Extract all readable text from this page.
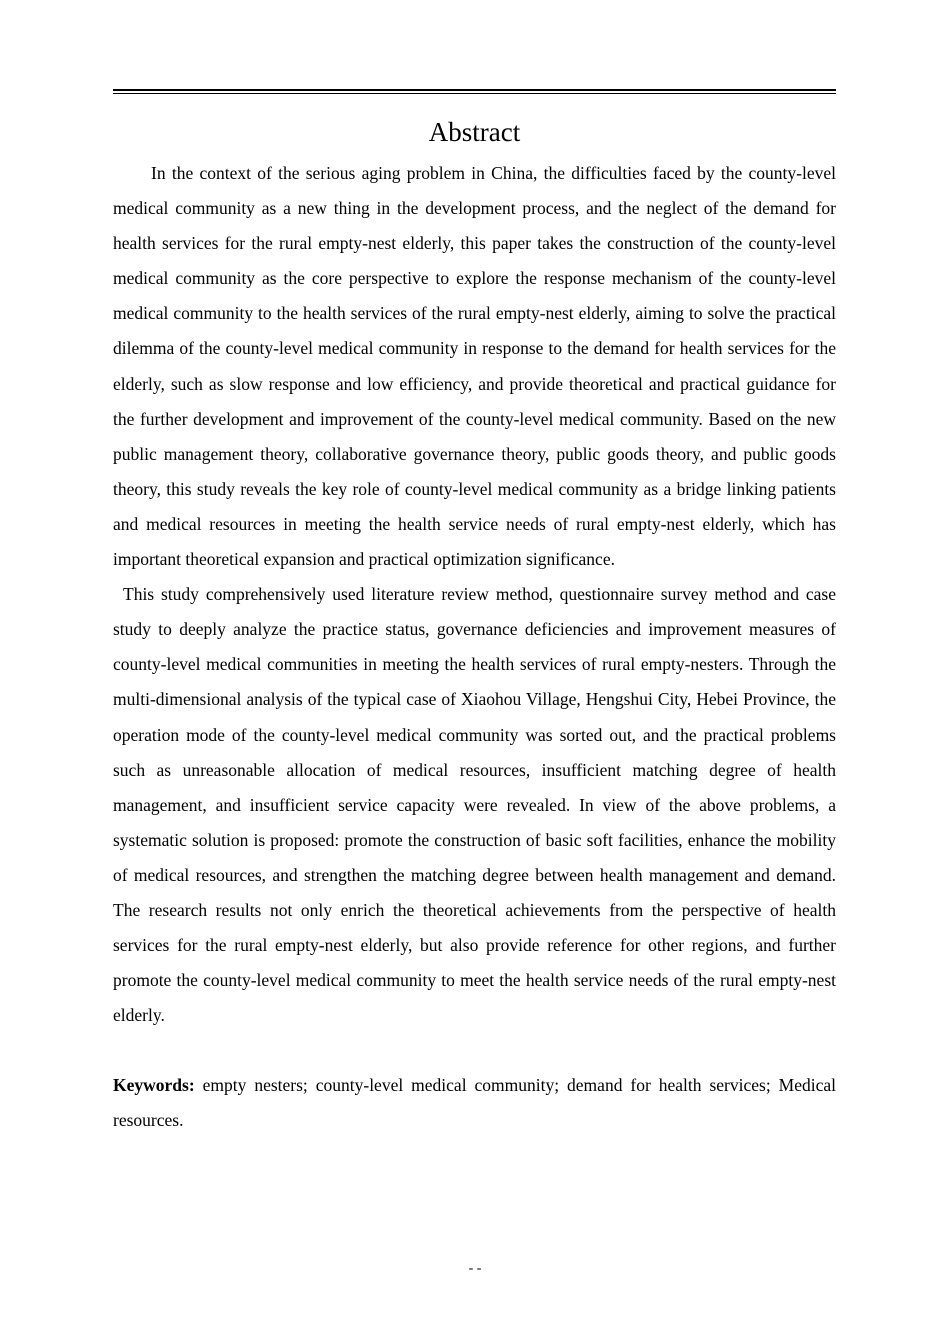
Abstract

In the context of the serious aging problem in China, the difficulties faced by the county-level medical community as a new thing in the development process, and the neglect of the demand for health services for the rural empty-nest elderly, this paper takes the construction of the county-level medical community as the core perspective to explore the response mechanism of the county-level medical community to the health services of the rural empty-nest elderly, aiming to solve the practical dilemma of the county-level medical community in response to the demand for health services for the elderly, such as slow response and low efficiency, and provide theoretical and practical guidance for the further development and improvement of the county-level medical community. Based on the new public management theory, collaborative governance theory, public goods theory, and public goods theory, this study reveals the key role of county-level medical community as a bridge linking patients and medical resources in meeting the health service needs of rural empty-nest elderly, which has important theoretical expansion and practical optimization significance.

This study comprehensively used literature review method, questionnaire survey method and case study to deeply analyze the practice status, governance deficiencies and improvement measures of county-level medical communities in meeting the health services of rural empty-nesters. Through the multi-dimensional analysis of the typical case of Xiaohou Village, Hengshui City, Hebei Province, the operation mode of the county-level medical community was sorted out, and the practical problems such as unreasonable allocation of medical resources, insufficient matching degree of health management, and insufficient service capacity were revealed. In view of the above problems, a systematic solution is proposed: promote the construction of basic soft facilities, enhance the mobility of medical resources, and strengthen the matching degree between health management and demand. The research results not only enrich the theoretical achievements from the perspective of health services for the rural empty-nest elderly, but also provide reference for other regions, and further promote the county-level medical community to meet the health service needs of the rural empty-nest elderly.

Keywords: empty nesters; county-level medical community; demand for health services; Medical resources.

- -
